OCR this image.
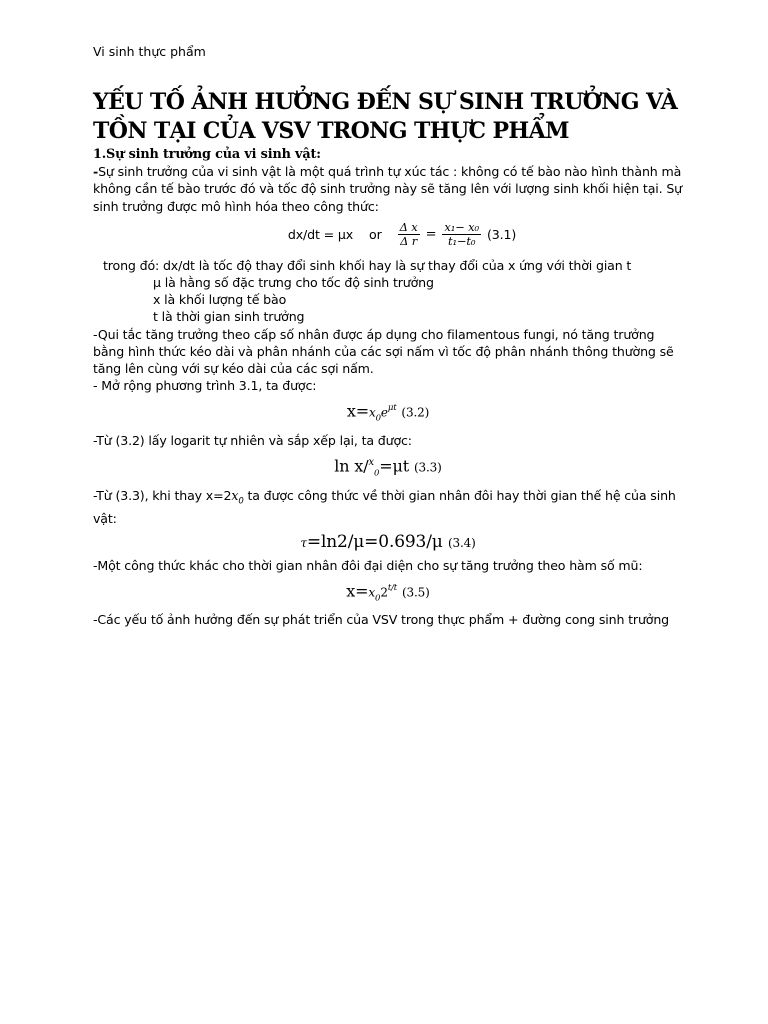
Vi sinh thực phẩm
YẾU TỐ ẢNH HƯỞNG ĐẾN SỰ SINH TRƯỞNG VÀ
TỒN TẠI CỦA VSV TRONG THỰC PHẨM

1.Sự sinh trưởng của vi sinh vật:

-Sự sinh trưởng của vi sinh vật là một quá trình tự xúc tác : không có tế bào nào hình thành mà không cần tế bào trước đó và tốc độ sinh trưởng này sẽ tăng lên với lượng sinh khối hiện tại. Sự sinh trưởng được mô hình hóa theo công thức:

dx/dt = μx or $\frac{\text{Δ x}}{\text{Δ r}} = \frac{\text{x₁− x₀}}{\text{t₁−t₀}} (3.1)$

trong đó: dx/dt là tốc độ thay đổi sinh khối hay là sự thay đổi của x ứng với thời gian t

μ là hằng số đặc trưng cho tốc độ sinh trưởng

x là khối lượng tế bào

t là thời gian sinh trưởng

-Qui tắc tăng trưởng theo cấp số nhân được áp dụng cho filamentous fungi, nó tăng trưởng bằng hình thức kéo dài và phân nhánh của các sợi nấm vì tốc độ phân nhánh thông thường sẽ tăng lên cùng với sự kéo dài của các sợi nấm.

- Mở rộng phương trình 3.1, ta được:

$x=x_0e^{\mu t}$ (3.2)

-Từ (3.2) lấy logarit tự nhiên và sắp xếp lại, ta được:

ln x/$^x_0$=μt (3.3)

-Từ (3.3), khi thay $x=2x_0$ ta được công thức về thời gian nhân đôi hay thời gian thế hệ của sinh vật:

τ=ln2/μ=0.693/μ (3.4)

-Một công thức khác cho thời gian nhân đôi đại diện cho sự tăng trưởng theo hàm số mũ:

$x=x_02^{t/t}$ (3.5)

-Các yếu tố ảnh hưởng đến sự phát triển của VSV trong thực phẩm + đường cong sinh trưởng
